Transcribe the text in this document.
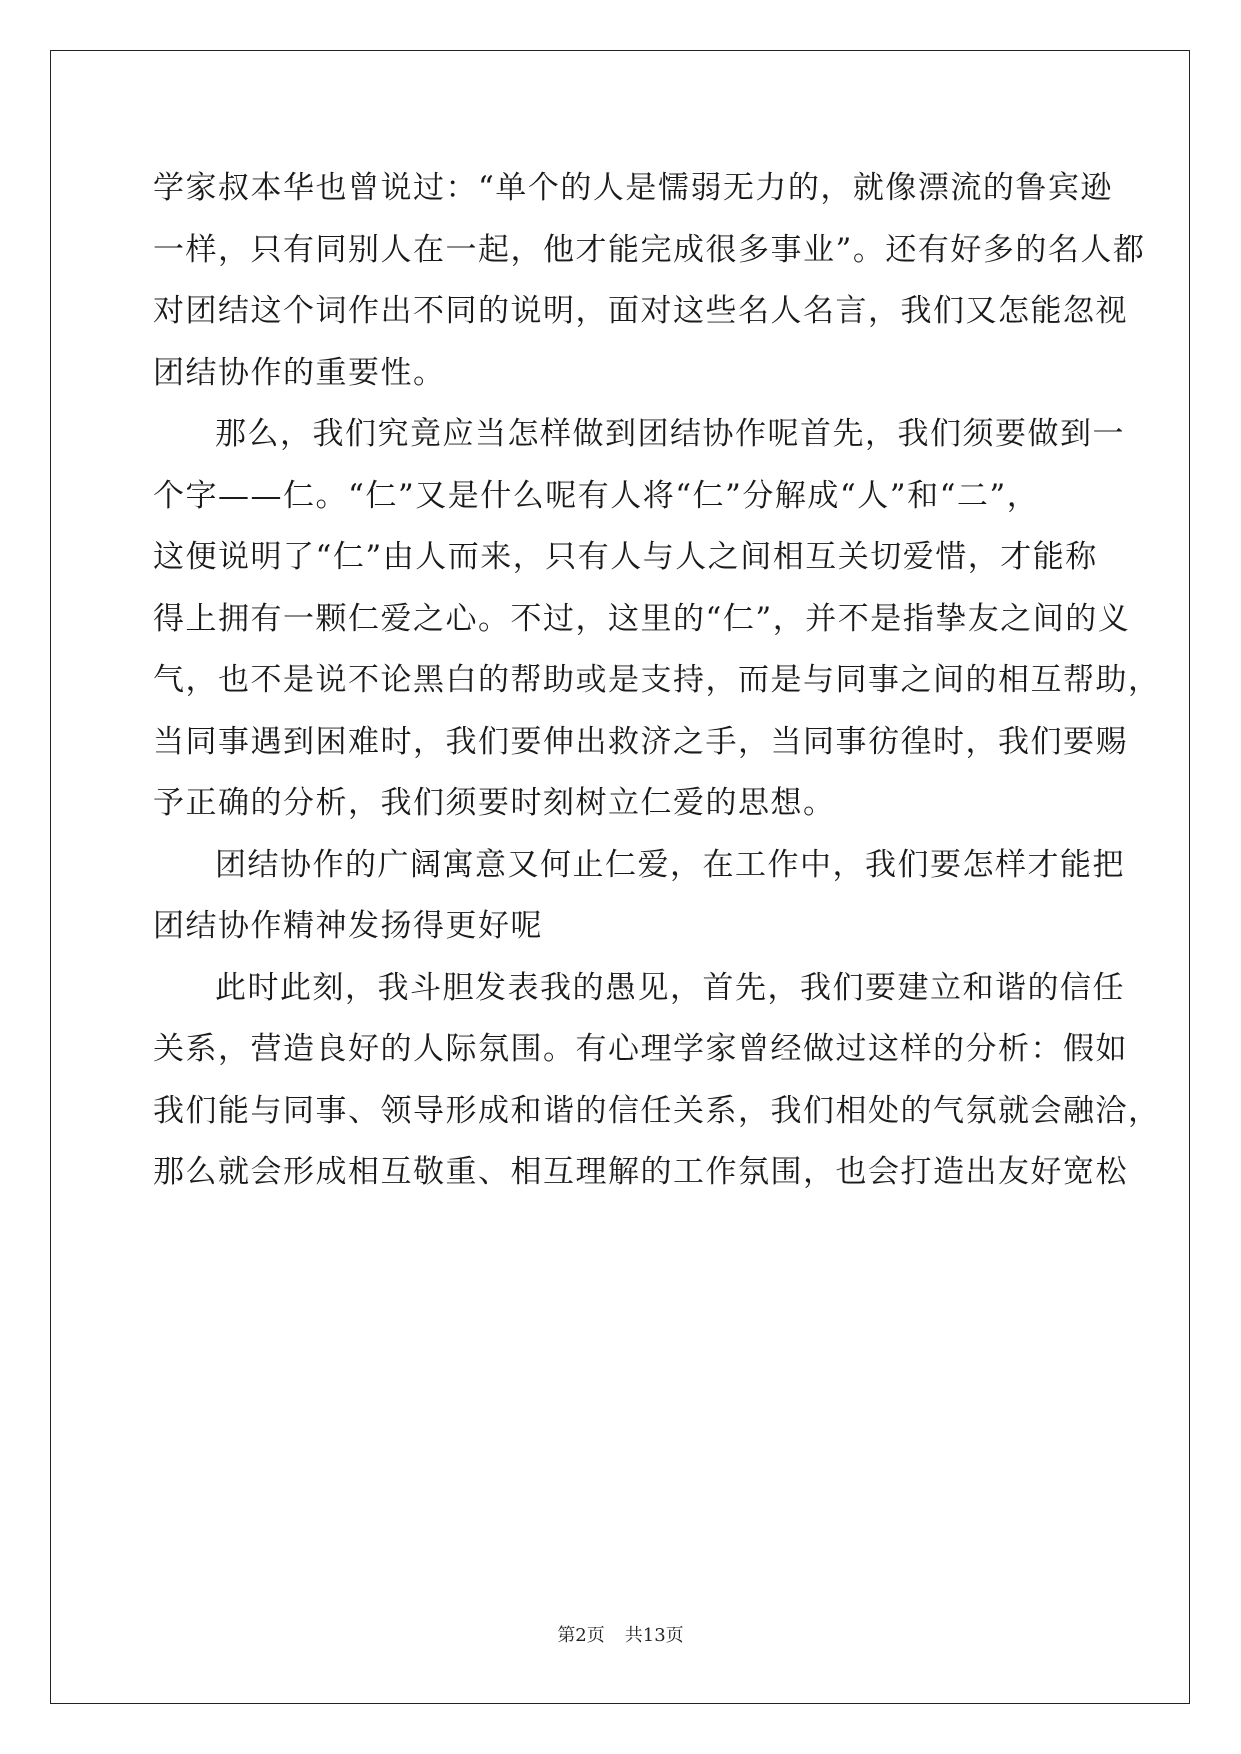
学家叔本华也曾说过：“单个的人是懦弱无力的，就像漂流的鲁宾逊
一样，只有同别人在一起，他才能完成很多事业”。还有好多的名人都
对团结这个词作出不同的说明，面对这些名人名言，我们又怎能忽视
团结协作的重要性。
那么，我们究竟应当怎样做到团结协作呢首先，我们须要做到一
个字——仁。“仁”又是什么呢有人将“仁”分解成“人”和“二”，
这便说明了“仁”由人而来，只有人与人之间相互关切爱惜，才能称
得上拥有一颗仁爱之心。不过，这里的“仁”，并不是指挚友之间的义
气，也不是说不论黑白的帮助或是支持，而是与同事之间的相互帮助，
当同事遇到困难时，我们要伸出救济之手，当同事彷徨时，我们要赐
予正确的分析，我们须要时刻树立仁爱的思想。
团结协作的广阔寓意又何止仁爱，在工作中，我们要怎样才能把
团结协作精神发扬得更好呢
此时此刻，我斗胆发表我的愚见，首先，我们要建立和谐的信任
关系，营造良好的人际氛围。有心理学家曾经做过这样的分析：假如
我们能与同事、领导形成和谐的信任关系，我们相处的气氛就会融洽，
那么就会形成相互敬重、相互理解的工作氛围，也会打造出友好宽松
第2页 共13页
